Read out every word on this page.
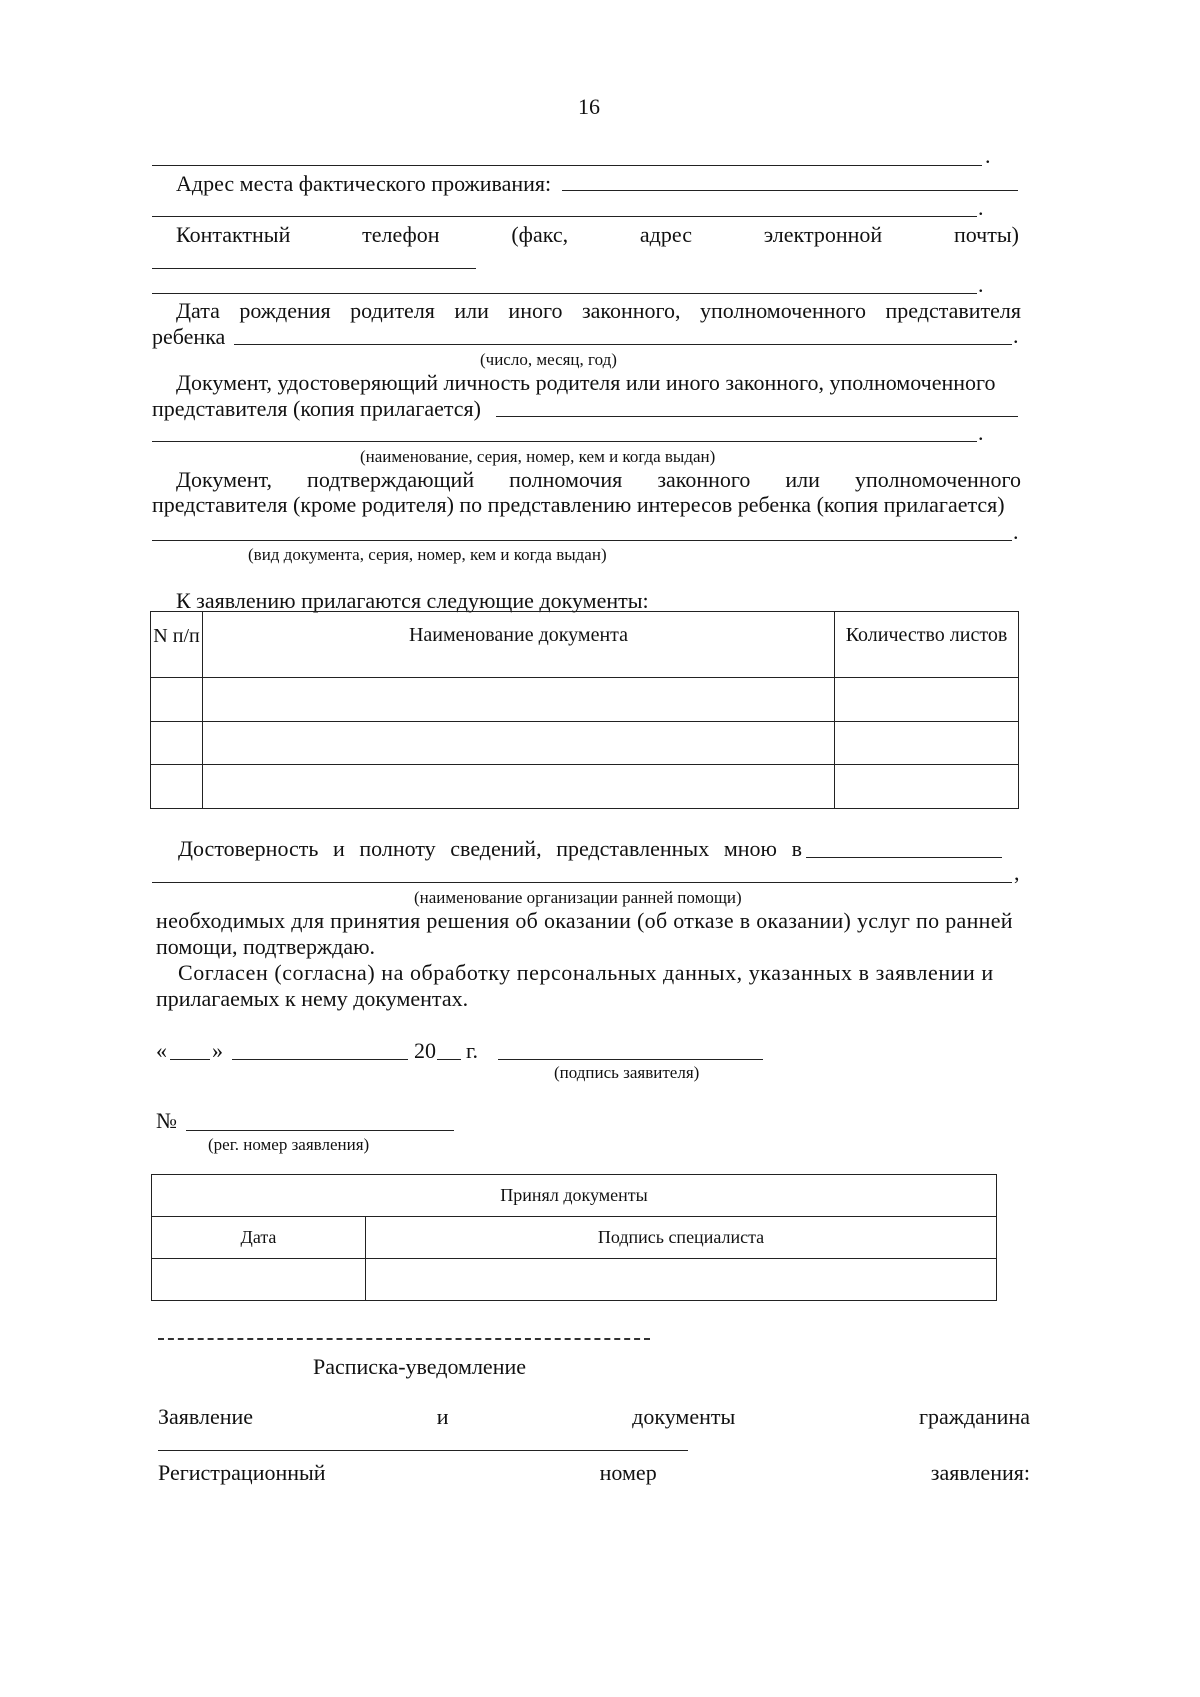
16
.
Адрес места фактического проживания:
.
Контактный	телефон	(факс,	адрес	электронной	почты)
.
Дата рождения родителя или иного законного, уполномоченного представителя
ребенка	.
(число, месяц, год)
Документ, удостоверяющий личность родителя или иного законного, уполномоченного
представителя (копия прилагается)
.
(наименование, серия, номер, кем и когда выдан)
Документ, подтверждающий полномочия законного или уполномоченного
представителя (кроме родителя) по представлению интересов ребенка (копия прилагается)
.
(вид документа, серия, номер, кем и когда выдан)
К заявлению прилагаются следующие документы:
N п/п	Наименование документа	Количество листов

Достоверность и полноту сведений, представленных мною в
,
(наименование организации ранней помощи)
необходимых для принятия решения об оказании (об отказе в оказании) услуг по ранней
помощи, подтверждаю.
Согласен (согласна) на обработку персональных данных, указанных в заявлении и
прилагаемых к нему документах.
« »	20 г.
(подпись заявителя)
№
(рег. номер заявления)
Принял документы	
Дата	Подпись специалиста

Расписка-уведомление
Заявление	и	документы	гражданина
Регистрационный	номер	заявления:
